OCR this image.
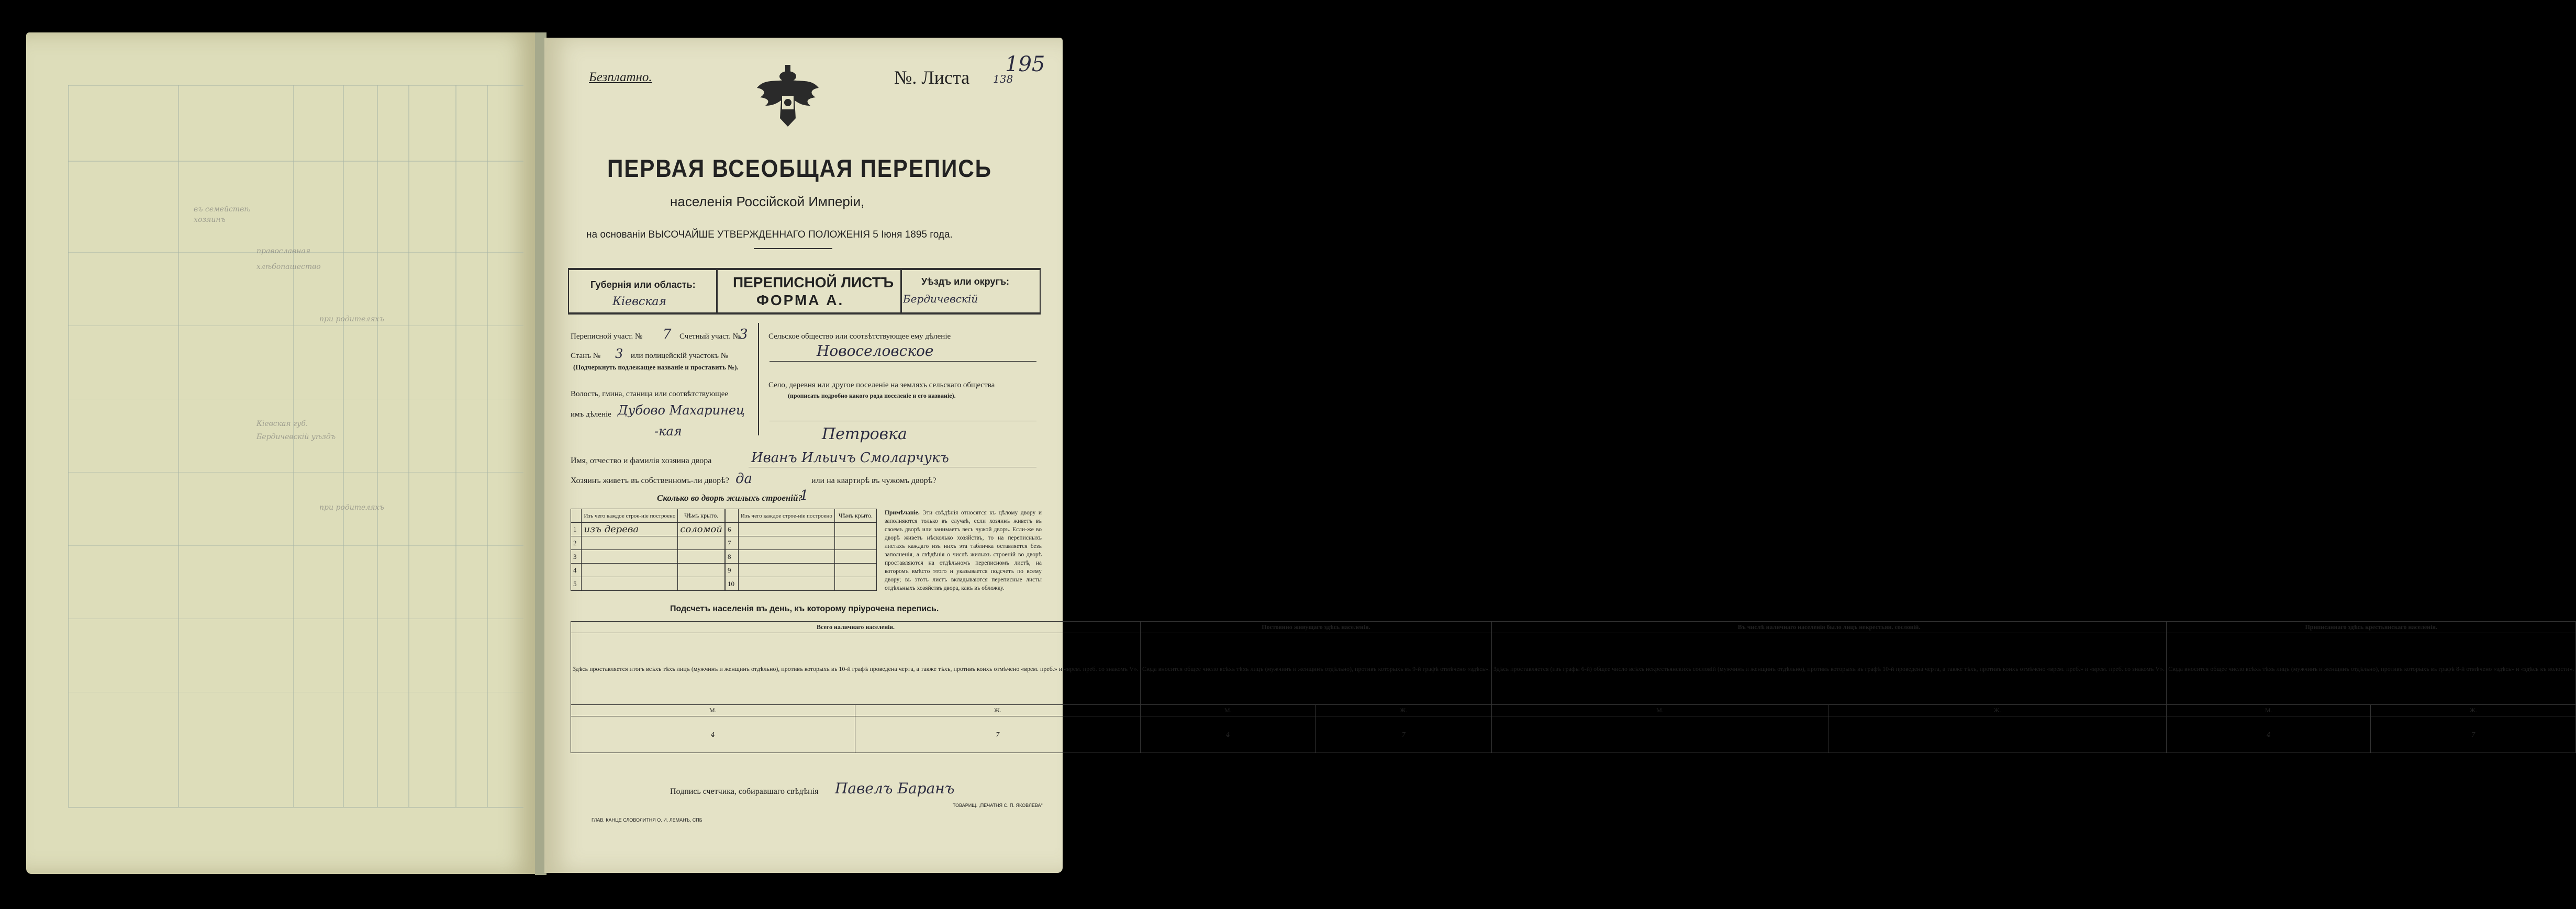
въ семействѣ
хозяинъ
православная
хлѣбопашество
при родителяхъ
Кіевская губ.
Бердичевскій уѣздъ
при родителяхъ
Безплатно.	№. Листа 138
195
ПЕРВАЯ ВСЕОБЩАЯ ПЕРЕПИСЬ
населенія Россійской Имперіи,
на основаніи ВЫСОЧАЙШЕ УТВЕРЖДЕННАГО ПОЛОЖЕНІЯ 5 Іюня 1895 года.
Губернія или область:
Кіевская
ПЕРЕПИСНОЙ ЛИСТЪ
ФОРМА А.
Уѣздъ или округъ:
Бердичевскій
Переписной участ. № 7 Счетный участ. №
3
Станъ № 3 или полицейскій участокъ №
(Подчеркнуть подлежащее названіе и проставить №).
Волость, гмина, станица или соотвѣтствующее
имъ дѣленіе Дубово Махаринец
-кая
Сельское общество или соотвѣтствующее ему дѣленіе
Новоселовское
Село, деревня или другое поселеніе на земляхъ сельскаго общества
(прописать подробно какого рода поселеніе и его названіе).
Петровка
Имя, отчество и фамилія хозяина двора	Иванъ Ильичъ Смоларчукъ
Хозяинъ живетъ въ собственномъ-ли дворѣ? да	или на квартирѣ въ чужомъ дворѣ?
Сколько во дворѣ жилыхъ строеній?
1
	Изъ чего каждое строе-ніе построено	Чѣмъ крыто.
1	изъ дерева	соломой
2		
3		
4		
5		
	Изъ чего каждое строе-ніе построено	Чѣмъ крыто.
6		
7		
8		
9		
10		
Примѣчаніе. Эти свѣдѣнія относятся къ цѣлому двору и заполняются только въ случаѣ, если хозяинъ живетъ въ своемъ дворѣ или занимаетъ весь чужой дворъ. Если-же во дворѣ живетъ нѣсколько хозяйствъ, то на переписныхъ листахъ каждаго изъ нихъ эта табличка оставляется безъ заполненія, а свѣдѣнія о числѣ жилыхъ строеній во дворѣ проставляются на отдѣльномъ переписномъ листѣ, на которомъ вмѣсто этого и указывается подсчетъ по всему двору; въ этотъ листъ вкладываются переписные листы отдѣльныхъ хозяйствъ двора, какъ въ обложку.
Подсчетъ населенія въ день, къ которому пріурочена перепись.
Всего наличнаго населенія.		Постоянно живущаго здѣсь населенія.		Въ числѣ наличнаго населенія было лицъ некрестьян. сословій.		Приписаннаго здѣсь крестьянскаго населенія.	
Здѣсь проставляется итогъ всѣхъ тѣхъ лицъ (мужчинъ и женщинъ отдѣльно), противъ которыхъ въ 10-й графѣ проведена черта, а также тѣхъ, противъ коихъ отмѣчено «врем. преб.» и «врем. преб. со знакомъ V».		Сюда вносится общее число всѣхъ тѣхъ лицъ (мужчинъ и женщинъ отдѣльно), противъ которыхъ въ 9-й графѣ отмѣчено «здѣсь».		Здѣсь проставляется (изъ графы 6-й) общее число всѣхъ некрестьянскихъ сословій (мужчинъ и женщинъ отдѣльно), противъ которыхъ въ графѣ 10-й проведена черта, а также тѣхъ, противъ коихъ отмѣчено «врем. преб.» и «врем. преб. со знакомъ V».		Сюда вносится общее число всѣхъ тѣхъ лицъ (мужчинъ и женщинъ отдѣльно), противъ которыхъ въ графѣ 8-й отмѣчено «здѣсь» и «здѣсь къ волости».	
М.	Ж.	М.	Ж.	М.	Ж.	М.	Ж.
4	7	4	7			4	7
Подпись счетчика, собиравшаго свѣдѣнія Павелъ Баранъ
ГЛАВ. КАНЦЕ СЛОВОЛИТНЯ О. И. ЛЕМАНЪ, СПБ
ТОВАРИЩ. „ПЕЧАТНЯ С. П. ЯКОВЛЕВА“
